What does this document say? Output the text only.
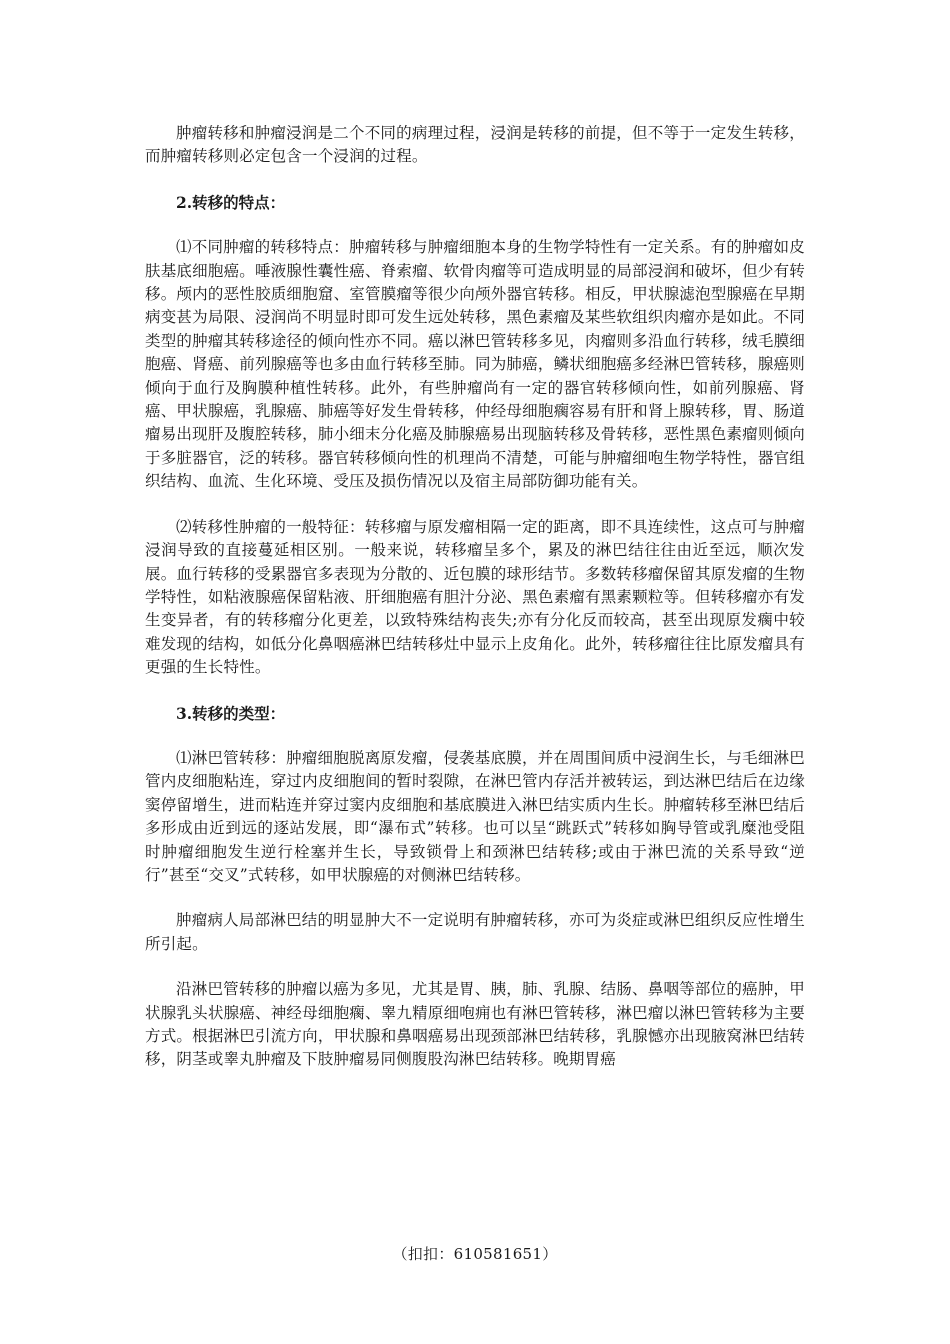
肿瘤转移和肿瘤浸润是二个不同的病理过程，浸润是转移的前提，但不等于一定发生转移，而肿瘤转移则必定包含一个浸润的过程。

2.转移的特点：

⑴不同肿瘤的转移特点：肿瘤转移与肿瘤细胞本身的生物学特性有一定关系。有的肿瘤如皮肤基底细胞癌。唾液腺性囊性癌、脊索瘤、软骨肉瘤等可造成明显的局部浸润和破坏，但少有转移。颅内的恶性胶质细胞窟、室管膜瘤等很少向颅外器官转移。相反，甲状腺滤泡型腺癌在早期病变甚为局限、浸润尚不明显时即可发生远处转移，黑色素瘤及某些软组织肉瘤亦是如此。不同类型的肿瘤其转移途径的倾向性亦不同。癌以淋巴管转移多见，肉瘤则多沿血行转移，绒毛膜细胞癌、肾癌、前列腺癌等也多由血行转移至肺。同为肺癌，鳞状细胞癌多经淋巴管转移，腺癌则倾向于血行及胸膜种植性转移。此外，有些肿瘤尚有一定的器官转移倾向性，如前列腺癌、肾癌、甲状腺癌，乳腺癌、肺癌等好发生骨转移，仲经母细胞瘸容易有肝和肾上腺转移，胃、肠道瘤易出现肝及腹腔转移，肺小细末分化癌及肺腺癌易出现脑转移及骨转移，恶性黑色素瘤则倾向于多脏器官，泛的转移。器官转移倾向性的机理尚不清楚，可能与肿瘤细咆生物学特性，器官组织结构、血流、生化环境、受压及损伤情况以及宿主局部防御功能有关。

⑵转移性肿瘤的一般特征：转移瘤与原发瘤相隔一定的距离，即不具连续性，这点可与肿瘤浸润导致的直接蔓延相区别。一般来说，转移瘤呈多个，累及的淋巴结往往由近至远，顺次发展。血行转移的受累器官多表现为分散的、近包膜的球形结节。多数转移瘤保留其原发瘤的生物学特性，如粘液腺癌保留粘液、肝细胞癌有胆汁分泌、黑色素瘤有黑素颗粒等。但转移瘤亦有发生变异者，有的转移瘤分化更差，以致特殊结构丧失;亦有分化反而较高，甚至出现原发瘸中较难发现的结构，如低分化鼻咽癌淋巴结转移灶中显示上皮角化。此外，转移瘤往往比原发瘤具有更强的生长特性。

3.转移的类型：

⑴淋巴管转移：肿瘤细胞脱离原发瘤，侵袭基底膜，并在周围间质中浸润生长，与毛细淋巴管内皮细胞粘连，穿过内皮细胞间的暂时裂隙，在淋巴管内存活并被转运，到达淋巴结后在边缘窦停留增生，进而粘连并穿过窦内皮细胞和基底膜进入淋巴结实质内生长。肿瘤转移至淋巴结后多形成由近到远的逐站发展，即“瀑布式”转移。也可以呈“跳跃式”转移如胸导管或乳糜池受阻时肿瘤细胞发生逆行栓塞并生长，导致锁骨上和颈淋巴结转移;或由于淋巴流的关系导致“逆行”甚至“交叉”式转移，如甲状腺癌的对侧淋巴结转移。

肿瘤病人局部淋巴结的明显肿大不一定说明有肿瘤转移，亦可为炎症或淋巴组织反应性增生所引起。

沿淋巴管转移的肿瘤以癌为多见，尤其是胃、胰，肺、乳腺、结肠、鼻咽等部位的癌肿，甲状腺乳头状腺癌、神经母细胞瘸、睾九精原细咆痈也有淋巴管转移，淋巴瘤以淋巴管转移为主要方式。根据淋巴引流方向，甲状腺和鼻咽癌易出现颈部淋巴结转移，乳腺憾亦出现腋窝淋巴结转移，阴茎或睾丸肿瘤及下肢肿瘤易同侧腹股沟淋巴结转移。晚期胃癌

（扣扣：610581651）
